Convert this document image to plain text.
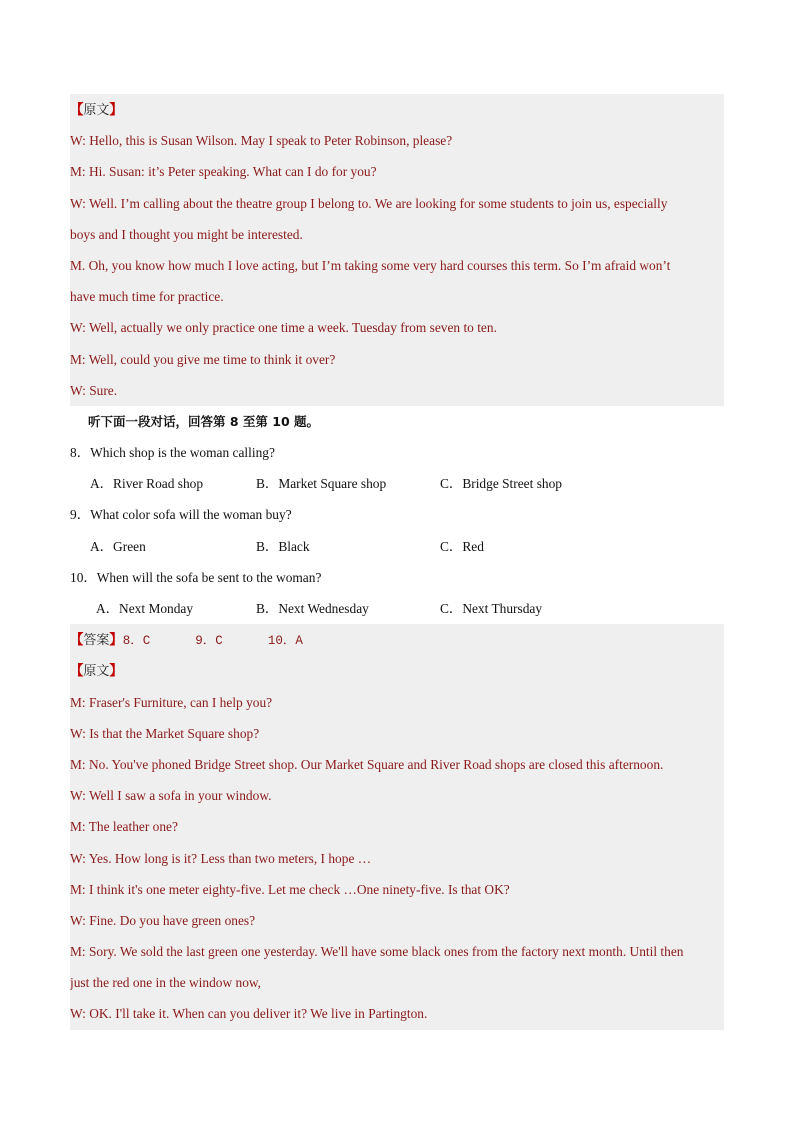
【原文】
W: Hello, this is Susan Wilson. May I speak to Peter Robinson, please?
M: Hi. Susan: it’s Peter speaking. What can I do for you?
W: Well. I’m calling about the theatre group I belong to. We are looking for some students to join us, especially
boys and I thought you might be interested.
M. Oh, you know how much I love acting, but I’m taking some very hard courses this term. So I’m afraid won’t
have much time for practice.
W: Well, actually we only practice one time a week. Tuesday from seven to ten.
M: Well, could you give me time to think it over?
W: Sure.
听下面一段对话，回答第 8 至第 10 题。
8．Which shop is the woman calling?
A．River Road shop	B．Market Square shop	C．Bridge Street shop
9．What color sofa will the woman buy?
A．Green	B．Black	C．Red
10．When will the sofa be sent to the woman?
A．Next Monday	B．Next Wednesday	C．Next Thursday
【答案】8．C      9．C      10．A
【原文】
M: Fraser's Furniture, can I help you?
W: Is that the Market Square shop?
M: No. You've phoned Bridge Street shop. Our Market Square and River Road shops are closed this afternoon.
W: Well I saw a sofa in your window.
M: The leather one?
W: Yes. How long is it? Less than two meters, I hope …
M: I think it's one meter eighty-five. Let me check …One ninety-five. Is that OK?
W: Fine. Do you have green ones?
M: Sory. We sold the last green one yesterday. We'll have some black ones from the factory next month. Until then
just the red one in the window now,
W: OK. I'll take it. When can you deliver it? We live in Partington.
